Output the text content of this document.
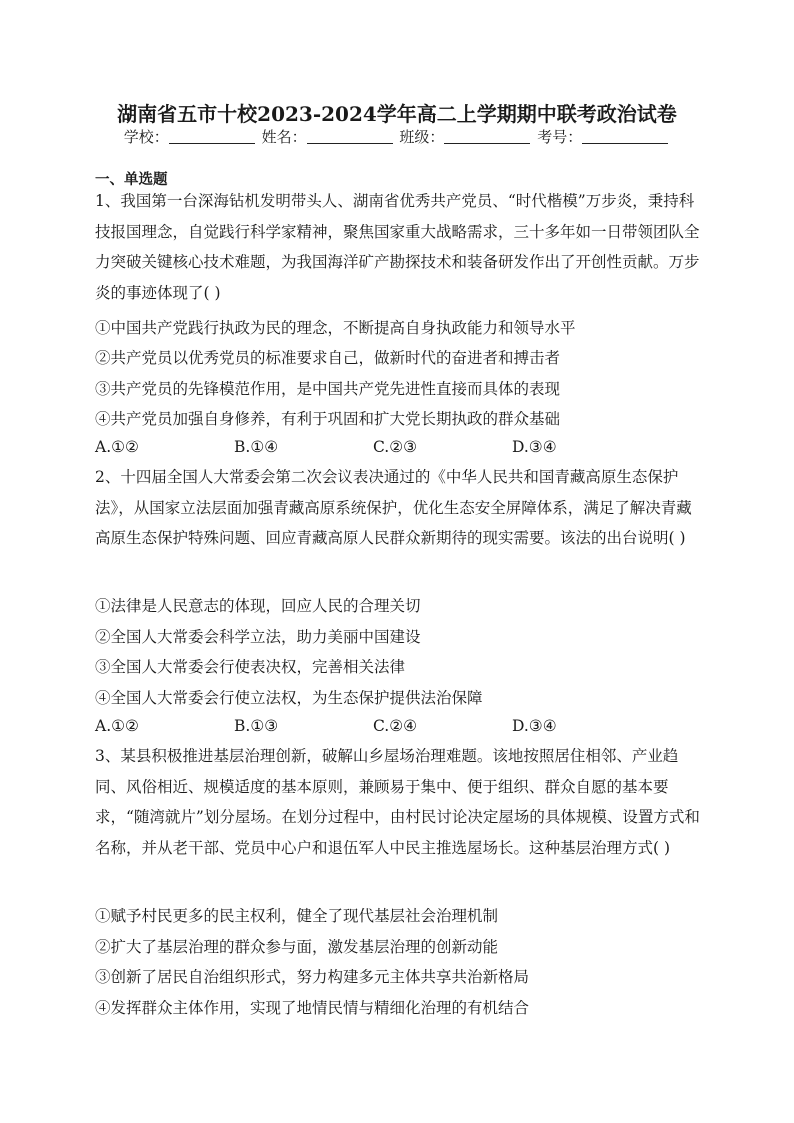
湖南省五市十校2023-2024学年高二上学期期中联考政治试卷
学校：	姓名：	班级：	考号：
一、单选题
1、我国第一台深海钻机发明带头人、湖南省优秀共产党员、“时代楷模”万步炎，秉持科技报国理念，自觉践行科学家精神，聚焦国家重大战略需求，三十多年如一日带领团队全力突破关键核心技术难题，为我国海洋矿产勘探技术和装备研发作出了开创性贡献。万步炎的事迹体现了( )
①中国共产党践行执政为民的理念，不断提高自身执政能力和领导水平
②共产党员以优秀党员的标准要求自己，做新时代的奋进者和搏击者
③共产党员的先锋模范作用，是中国共产党先进性直接而具体的表现
④共产党员加强自身修养，有利于巩固和扩大党长期执政的群众基础
A.①②	B.①④	C.②③	D.③④
2、十四届全国人大常委会第二次会议表决通过的《中华人民共和国青藏高原生态保护法》，从国家立法层面加强青藏高原系统保护，优化生态安全屏障体系，满足了解决青藏高原生态保护特殊问题、回应青藏高原人民群众新期待的现实需要。该法的出台说明( )
①法律是人民意志的体现，回应人民的合理关切
②全国人大常委会科学立法，助力美丽中国建设
③全国人大常委会行使表决权，完善相关法律
④全国人大常委会行使立法权，为生态保护提供法治保障
A.①②	B.①③	C.②④	D.③④
3、某县积极推进基层治理创新，破解山乡屋场治理难题。该地按照居住相邻、产业趋同、风俗相近、规模适度的基本原则，兼顾易于集中、便于组织、群众自愿的基本要求，“随湾就片”划分屋场。在划分过程中，由村民讨论决定屋场的具体规模、设置方式和名称，并从老干部、党员中心户和退伍军人中民主推选屋场长。这种基层治理方式( )
①赋予村民更多的民主权利，健全了现代基层社会治理机制
②扩大了基层治理的群众参与面，激发基层治理的创新动能
③创新了居民自治组织形式，努力构建多元主体共享共治新格局
④发挥群众主体作用，实现了地情民情与精细化治理的有机结合
